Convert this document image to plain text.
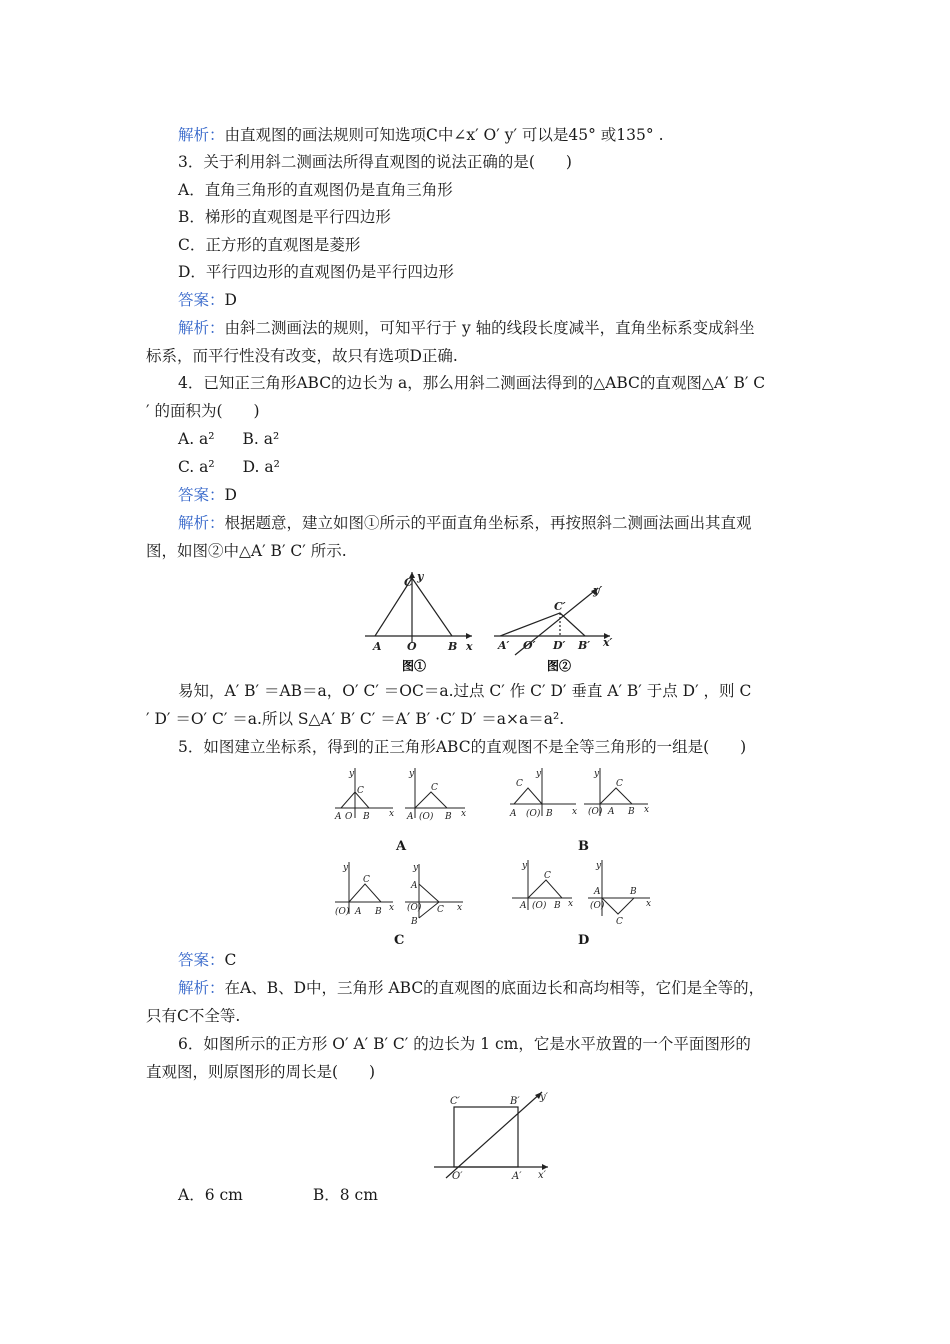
解析：由直观图的画法规则可知选项C中∠x′ O′ y′ 可以是45° 或135° .
3．关于利用斜二测画法所得直观图的说法正确的是(　　)
A．直角三角形的直观图仍是直角三角形
B．梯形的直观图是平行四边形
C．正方形的直观图是菱形
D．平行四边形的直观图仍是平行四边形
答案：D
解析：由斜二测画法的规则，可知平行于 y 轴的线段长度减半，直角坐标系变成斜坐
标系，而平行性没有改变，故只有选项D正确.
4．已知正三角形ABC的边长为 a，那么用斜二测画法得到的△ABC的直观图△A′ B′ C
′ 的面积为(　　)
A. a² B. a²
C. a² D. a²
答案：D
解析：根据题意，建立如图①所示的平面直角坐标系，再按照斜二测画法画出其直观
图，如图②中△A′ B′ C′ 所示.
C y
A O	B x
图①
C′
y′
A′ O′ D′ B′ x′
图②
易知，A′ B′ ＝AB＝a，O′ C′ ＝OC＝a.过点 C′ 作 C′ D′ 垂直 A′ B′ 于点 D′ ，则 C
′ D′ ＝O′ C′ ＝a.所以 S△A′ B′ C′ ＝A′ B′ ·C′ D′ ＝a×a＝a².
5．如图建立坐标系，得到的正三角形ABC的直观图不是全等三角形的一组是(　　)
y
C
A O B x
y
C
A (O) B x
A
y
C
A (O) B x
y
C
(O) A B x
B
y
C
(O) A B x
y
A
(O) C
B
x
C
y
C
A (O) B x
y
A	B
(O)
C
x
D
答案：C
解析：在A、B、D中，三角形 ABC的直观图的底面边长和高均相等，它们是全等的，
只有C不全等.
6．如图所示的正方形 O′ A′ B′ C′ 的边长为 1 cm，它是水平放置的一个平面图形的
直观图，则原图形的周长是(　　)
C′	B′ y′
O′	A′ x′
A．6 cm	B．8 cm
